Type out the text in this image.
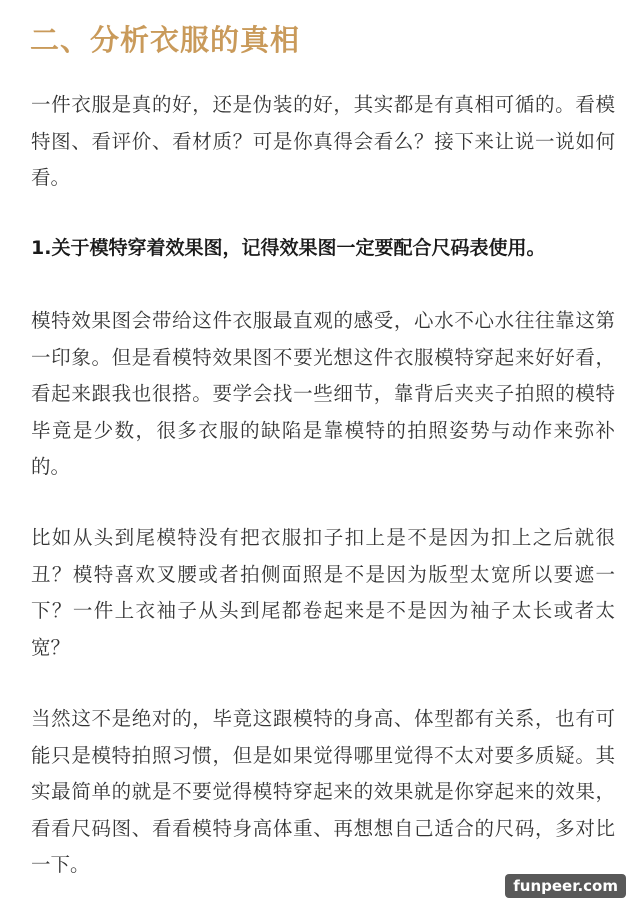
二、分析衣服的真相

一件衣服是真的好，还是伪装的好，其实都是有真相可循的。看模特图、看评价、看材质？可是你真得会看么？接下来让说一说如何看。

1.关于模特穿着效果图，记得效果图一定要配合尺码表使用。

模特效果图会带给这件衣服最直观的感受，心水不心水往往靠这第一印象。但是看模特效果图不要光想这件衣服模特穿起来好好看，看起来跟我也很搭。要学会找一些细节，靠背后夹夹子拍照的模特毕竟是少数，很多衣服的缺陷是靠模特的拍照姿势与动作来弥补的。

比如从头到尾模特没有把衣服扣子扣上是不是因为扣上之后就很丑？模特喜欢叉腰或者拍侧面照是不是因为版型太宽所以要遮一下？一件上衣袖子从头到尾都卷起来是不是因为袖子太长或者太宽？

当然这不是绝对的，毕竟这跟模特的身高、体型都有关系，也有可能只是模特拍照习惯，但是如果觉得哪里觉得不太对要多质疑。其实最简单的就是不要觉得模特穿起来的效果就是你穿起来的效果，看看尺码图、看看模特身高体重、再想想自己适合的尺码，多对比一下。

funpeer.com
